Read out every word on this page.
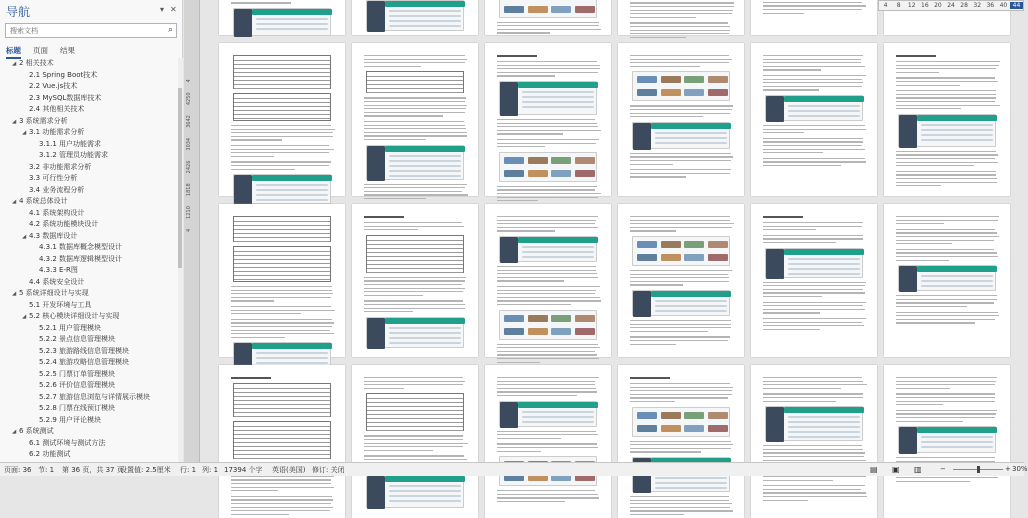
导航	▾ ✕
搜索文档	⌕
标题 页面 结果
◢ 2 相关技术
2.1 Spring Boot技术
2.2 Vue.js技术
2.3 MySQL数据库技术
2.4 其他相关技术
◢ 3 系统需求分析
◢ 3.1 功能需求分析
3.1.1 用户功能需求
3.1.2 管理员功能需求
3.2 非功能需求分析
3.3 可行性分析
3.4 业务流程分析
◢ 4 系统总体设计
4.1 系统架构设计
4.2 系统功能模块设计
◢ 4.3 数据库设计
4.3.1 数据库概念模型设计
4.3.2 数据库逻辑模型设计
4.3.3 E-R图
4.4 系统安全设计
◢ 5 系统详细设计与实现
5.1 开发环境与工具
◢ 5.2 核心模块详细设计与实现
5.2.1 用户管理模块
5.2.2 景点信息管理模块
5.2.3 旅游路线信息管理模块
5.2.4 旅游攻略信息管理模块
5.2.5 门票订单管理模块
5.2.6 评价信息管理模块
5.2.7 旅游信息浏览与详情展示模块
5.2.8 门票在线预订模块
5.2.9 用户评论模块
◢ 6 系统测试
6.1 测试环境与测试方法
6.2 功能测试
41210181824263034364242504
4	8	12 16 20 24 28 32 36 40 44
页面: 36 节: 1 第 36 页，共 37 页
设置值: 2.5厘米 行: 1 列: 1 17394 个字 英语(美国) 修订: 关闭	▤ ▣ ▥	−	+ 30%
